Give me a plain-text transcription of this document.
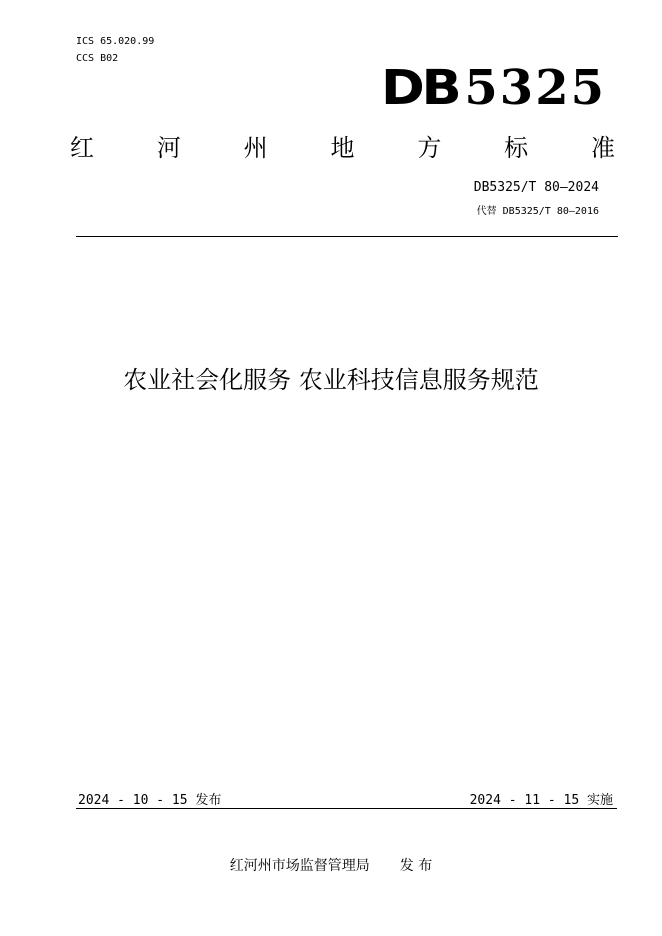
ICS 65.020.99
CCS B02
DB 5325
红	河	州	地	方	标	准
DB5325/T 80—2024
代替 DB5325/T 80—2016
农业社会化服务 农业科技信息服务规范
2024 - 10 - 15 发布	2024 - 11 - 15 实施
红河州市场监督管理局 发 布
